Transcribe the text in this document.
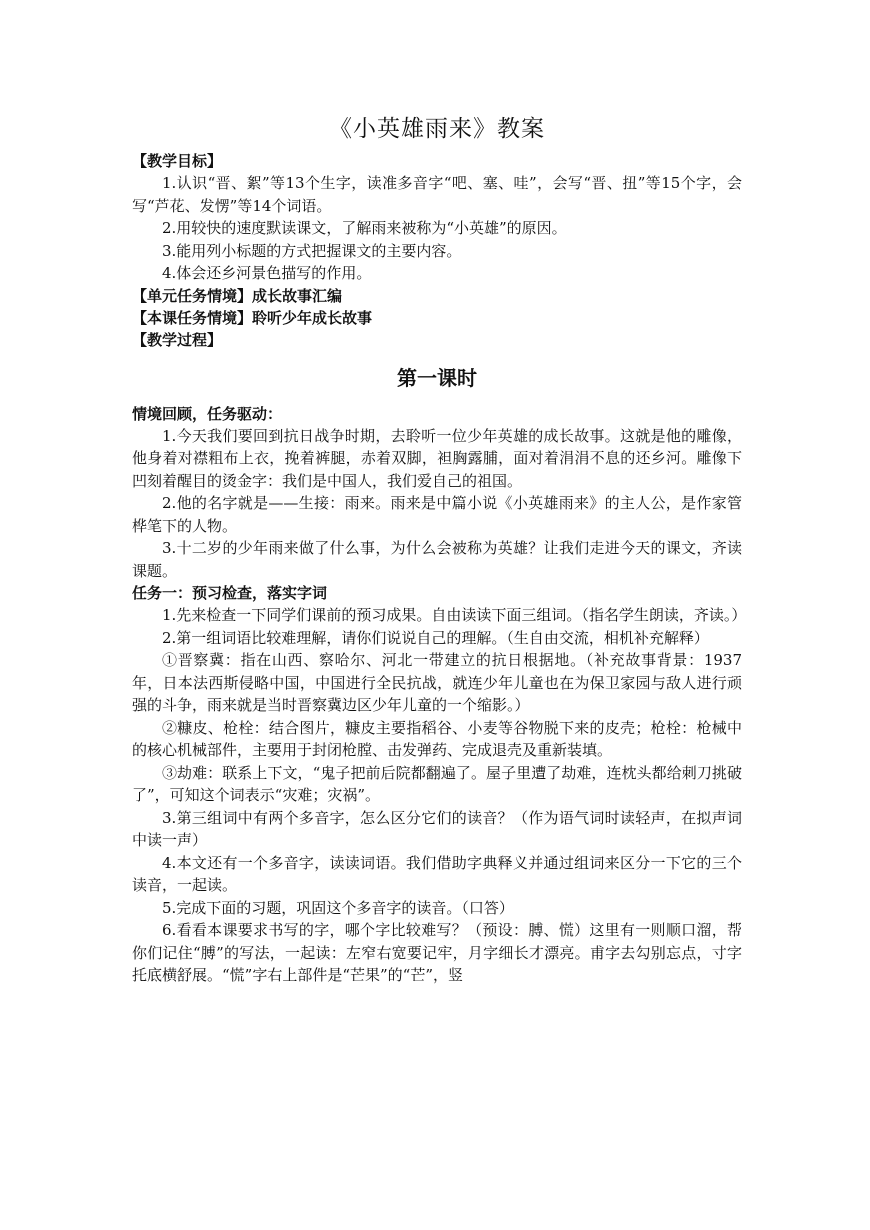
《小英雄雨来》教案

【教学目标】

1.认识“晋、絮”等13个生字，读准多音字“吧、塞、哇”，会写“晋、扭”等15个字，会写“芦花、发愣”等14个词语。

2.用较快的速度默读课文，了解雨来被称为“小英雄”的原因。

3.能用列小标题的方式把握课文的主要内容。

4.体会还乡河景色描写的作用。

【单元任务情境】成长故事汇编

【本课任务情境】聆听少年成长故事

【教学过程】

第一课时

情境回顾，任务驱动：

1.今天我们要回到抗日战争时期，去聆听一位少年英雄的成长故事。这就是他的雕像，他身着对襟粗布上衣，挽着裤腿，赤着双脚，袒胸露脯，面对着涓涓不息的还乡河。雕像下凹刻着醒目的烫金字：我们是中国人，我们爱自己的祖国。

2.他的名字就是——生接：雨来。雨来是中篇小说《小英雄雨来》的主人公，是作家管桦笔下的人物。

3.十二岁的少年雨来做了什么事，为什么会被称为英雄？让我们走进今天的课文，齐读课题。

任务一：预习检查，落实字词

1.先来检查一下同学们课前的预习成果。自由读读下面三组词。（指名学生朗读，齐读。）

2.第一组词语比较难理解，请你们说说自己的理解。（生自由交流，相机补充解释）

①晋察冀：指在山西、察哈尔、河北一带建立的抗日根据地。（补充故事背景：1937年，日本法西斯侵略中国，中国进行全民抗战，就连少年儿童也在为保卫家园与敌人进行顽强的斗争，雨来就是当时晋察冀边区少年儿童的一个缩影。）

②糠皮、枪栓：结合图片，糠皮主要指稻谷、小麦等谷物脱下来的皮壳；枪栓：枪械中的核心机械部件，主要用于封闭枪膛、击发弹药、完成退壳及重新装填。

③劫难：联系上下文，“鬼子把前后院都翻遍了。屋子里遭了劫难，连枕头都给刺刀挑破了”，可知这个词表示“灾难；灾祸”。

3.第三组词中有两个多音字，怎么区分它们的读音？（作为语气词时读轻声，在拟声词中读一声）

4.本文还有一个多音字，读读词语。我们借助字典释义并通过组词来区分一下它的三个读音，一起读。

5.完成下面的习题，巩固这个多音字的读音。（口答）

6.看看本课要求书写的字，哪个字比较难写？（预设：膊、慌）这里有一则顺口溜，帮你们记住“膊”的写法，一起读：左窄右宽要记牢，月字细长才漂亮。甫字去勾别忘点，寸字托底横舒展。“慌”字右上部件是“芒果”的“芒”，竖
